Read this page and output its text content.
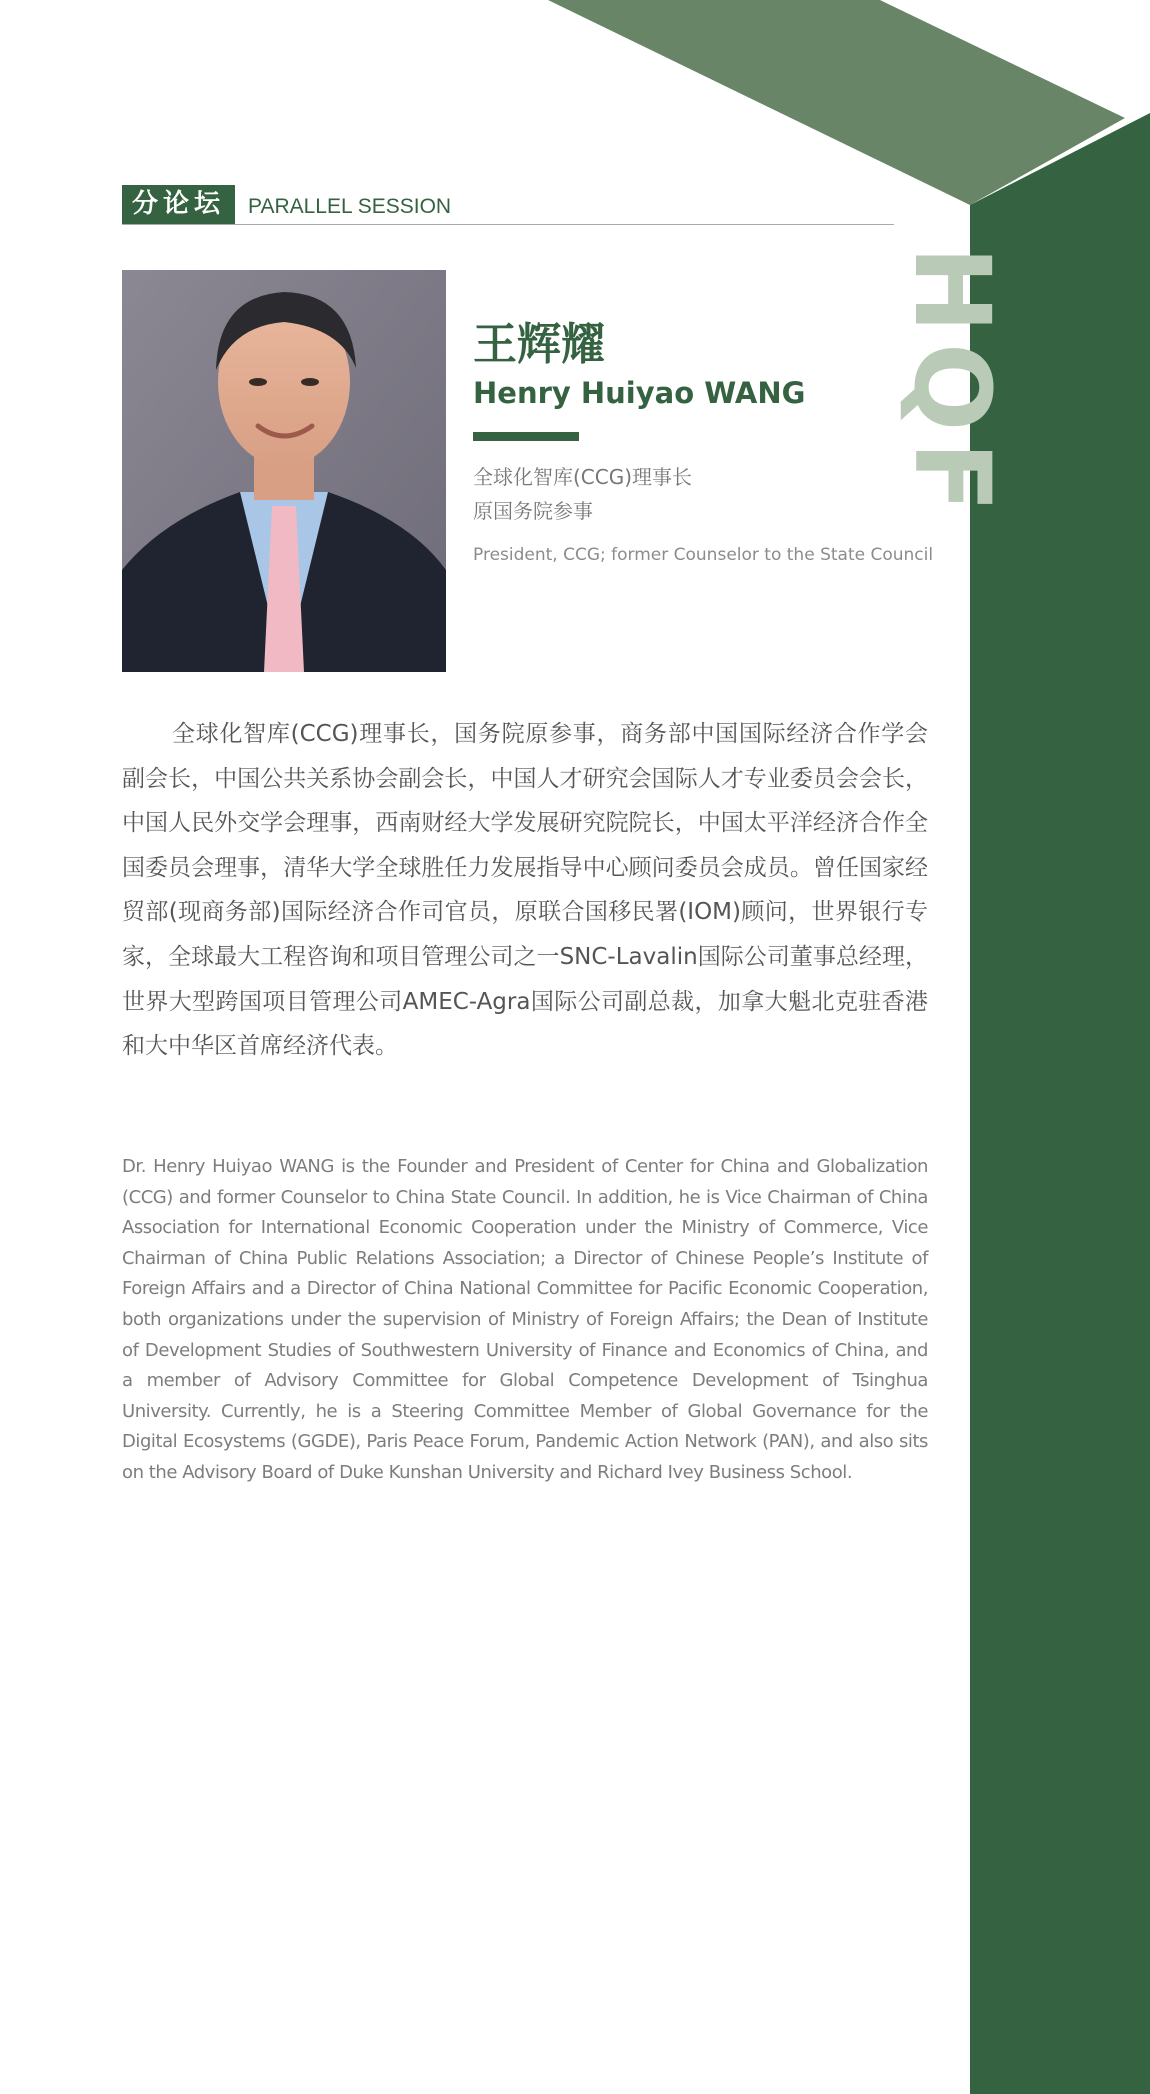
HQF
分论坛	PARALLEL SESSION
王辉耀
Henry Huiyao WANG
全球化智库(CCG)理事长
原国务院参事
President, CCG; former Counselor to the State Council

全球化智库(CCG)理事长，国务院原参事，商务部中国国际经济合作学会副会长，中国公共关系协会副会长，中国人才研究会国际人才专业委员会会长，中国人民外交学会理事，西南财经大学发展研究院院长，中国太平洋经济合作全国委员会理事，清华大学全球胜任力发展指导中心顾问委员会成员。曾任国家经贸部(现商务部)国际经济合作司官员，原联合国移民署(IOM)顾问，世界银行专家，全球最大工程咨询和项目管理公司之一SNC-Lavalin国际公司董事总经理，世界大型跨国项目管理公司AMEC-Agra国际公司副总裁，加拿大魁北克驻香港和大中华区首席经济代表。

Dr. Henry Huiyao WANG is the Founder and President of Center for China and Globalization (CCG) and former Counselor to China State Council. In addition, he is Vice Chairman of China Association for International Economic Cooperation under the Ministry of Commerce, Vice Chairman of China Public Relations Association; a Director of Chinese People’s Institute of Foreign Affairs and a Director of China National Committee for Pacific Economic Cooperation, both organizations under the supervision of Ministry of Foreign Affairs; the Dean of Institute of Development Studies of Southwestern University of Finance and Economics of China, and a member of Advisory Committee for Global Competence Development of Tsinghua University. Currently, he is a Steering Committee Member of Global Governance for the Digital Ecosystems (GGDE), Paris Peace Forum, Pandemic Action Network (PAN), and also sits on the Advisory Board of Duke Kunshan University and Richard Ivey Business School.
